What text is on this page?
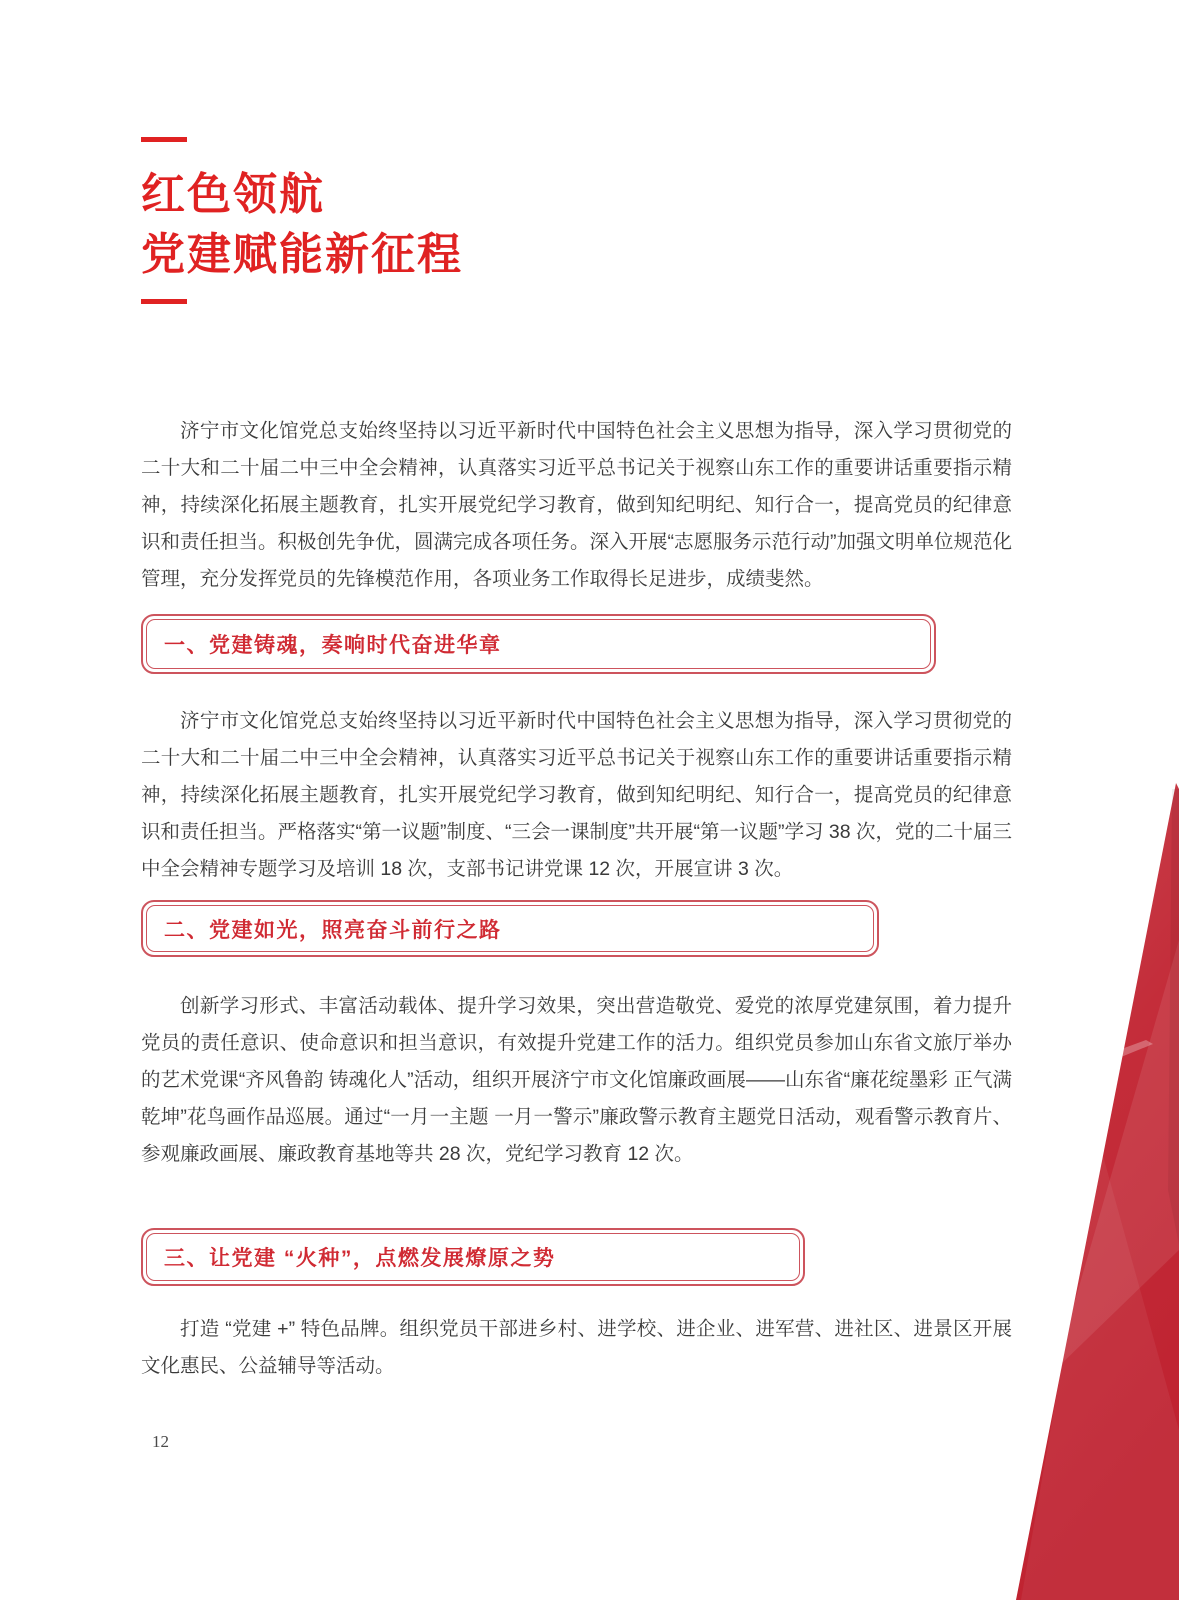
红色领航
党建赋能新征程

济宁市文化馆党总支始终坚持以习近平新时代中国特色社会主义思想为指导，深入学习贯彻党的二十大和二十届二中三中全会精神，认真落实习近平总书记关于视察山东工作的重要讲话重要指示精神，持续深化拓展主题教育，扎实开展党纪学习教育，做到知纪明纪、知行合一，提高党员的纪律意识和责任担当。积极创先争优，圆满完成各项任务。深入开展“志愿服务示范行动”加强文明单位规范化管理，充分发挥党员的先锋模范作用，各项业务工作取得长足进步，成绩斐然。

一、党建铸魂，奏响时代奋进华章

济宁市文化馆党总支始终坚持以习近平新时代中国特色社会主义思想为指导，深入学习贯彻党的二十大和二十届二中三中全会精神，认真落实习近平总书记关于视察山东工作的重要讲话重要指示精神，持续深化拓展主题教育，扎实开展党纪学习教育，做到知纪明纪、知行合一，提高党员的纪律意识和责任担当。严格落实“第一议题”制度、“三会一课制度”共开展“第一议题”学习 38 次，党的二十届三中全会精神专题学习及培训 18 次，支部书记讲党课 12 次，开展宣讲 3 次。

二、党建如光，照亮奋斗前行之路

创新学习形式、丰富活动载体、提升学习效果，突出营造敬党、爱党的浓厚党建氛围，着力提升党员的责任意识、使命意识和担当意识，有效提升党建工作的活力。组织党员参加山东省文旅厅举办的艺术党课“齐风鲁韵 铸魂化人”活动，组织开展济宁市文化馆廉政画展——山东省“廉花绽墨彩 正气满乾坤”花鸟画作品巡展。通过“一月一主题 一月一警示”廉政警示教育主题党日活动，观看警示教育片、参观廉政画展、廉政教育基地等共 28 次，党纪学习教育 12 次。

三、让党建 “火种”，点燃发展燎原之势

打造 “党建 +” 特色品牌。组织党员干部进乡村、进学校、进企业、进军营、进社区、进景区开展文化惠民、公益辅导等活动。

12
